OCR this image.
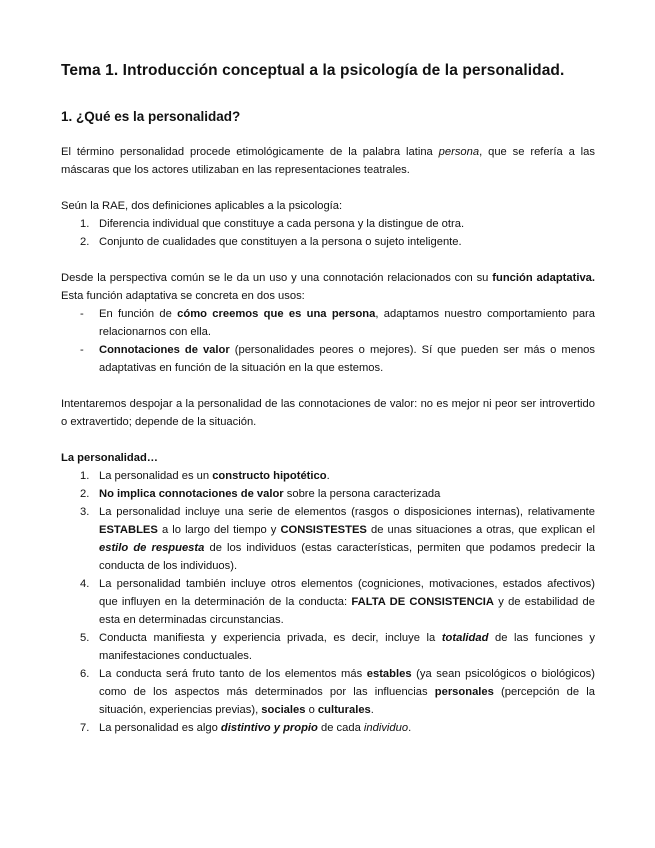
Tema 1. Introducción conceptual a la psicología de la personalidad.
1. ¿Qué es la personalidad?

El término personalidad procede etimológicamente de la palabra latina persona, que se refería a las máscaras que los actores utilizaban en las representaciones teatrales.

Seún la RAE, dos definiciones aplicables a la psicología:

1. Diferencia individual que constituye a cada persona y la distingue de otra.
2. Conjunto de cualidades que constituyen a la persona o sujeto inteligente.

Desde la perspectiva común se le da un uso y una connotación relacionados con su función adaptativa. Esta función adaptativa se concreta en dos usos:

- En función de cómo creemos que es una persona, adaptamos nuestro comportamiento para relacionarnos con ella.
- Connotaciones de valor (personalidades peores o mejores). Sí que pueden ser más o menos adaptativas en función de la situación en la que estemos.

Intentaremos despojar a la personalidad de las connotaciones de valor: no es mejor ni peor ser introvertido o extravertido; depende de la situación.

La personalidad…

1. La personalidad es un constructo hipotético.
2. No implica connotaciones de valor sobre la persona caracterizada
3. La personalidad incluye una serie de elementos (rasgos o disposiciones internas), relativamente ESTABLES a lo largo del tiempo y CONSISTESTES de unas situaciones a otras, que explican el estilo de respuesta de los individuos (estas características, permiten que podamos predecir la conducta de los individuos).
4. La personalidad también incluye otros elementos (cogniciones, motivaciones, estados afectivos) que influyen en la determinación de la conducta: FALTA DE CONSISTENCIA y de estabilidad de esta en determinadas circunstancias.
5. Conducta manifiesta y experiencia privada, es decir, incluye la totalidad de las funciones y manifestaciones conductuales.
6. La conducta será fruto tanto de los elementos más estables (ya sean psicológicos o biológicos) como de los aspectos más determinados por las influencias personales (percepción de la situación, experiencias previas), sociales o culturales.
7. La personalidad es algo distintivo y propio de cada individuo.
